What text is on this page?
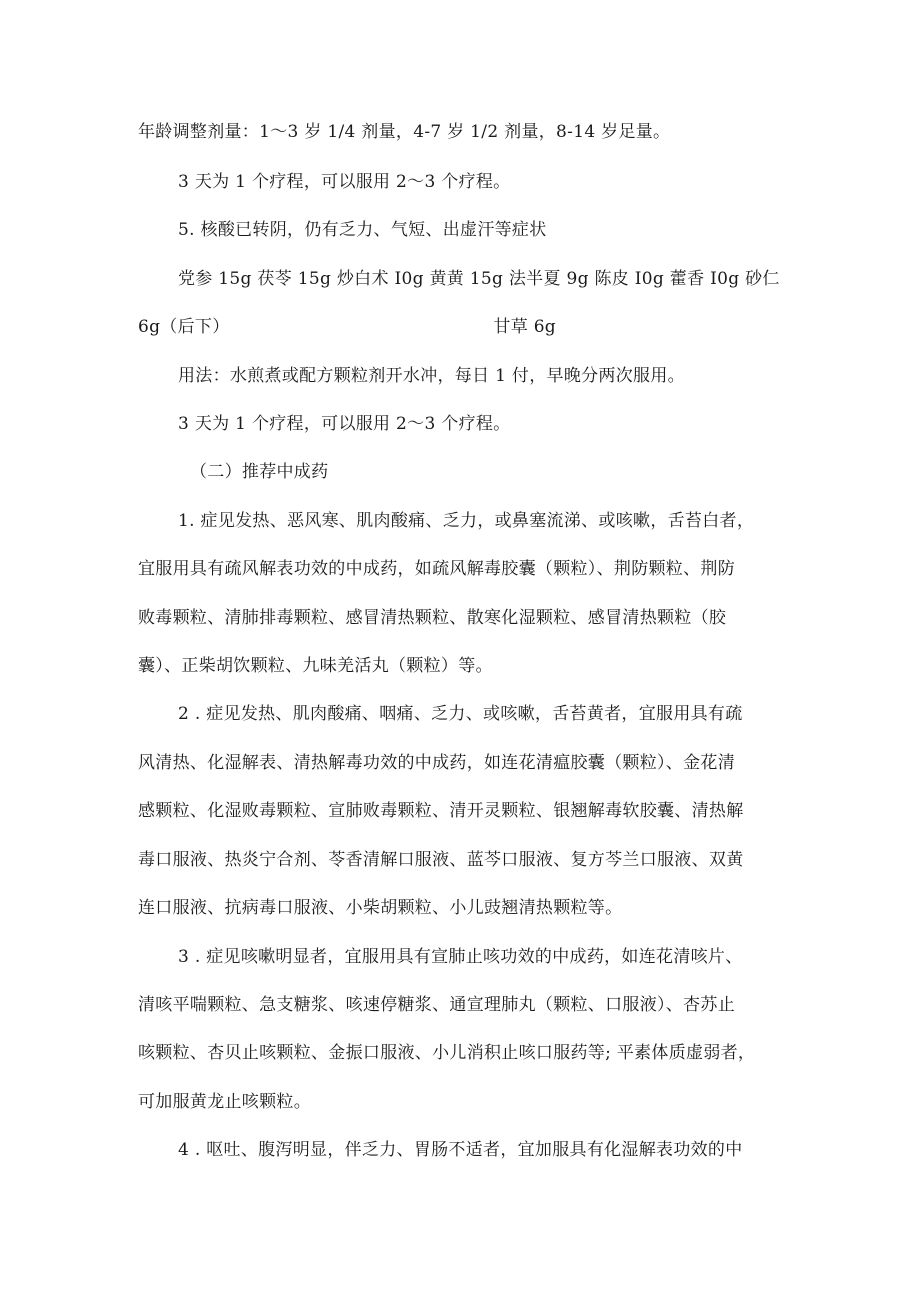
年龄调整剂量：1～3 岁 1/4 剂量，4-7 岁 1/2 剂量，8-14 岁足量。
3 天为 1 个疗程，可以服用 2～3 个疗程。
5. 核酸已转阴，仍有乏力、气短、出虚汗等症状
党参 15g 茯苓 15g 炒白术 I0g 黄黄 15g 法半夏 9g 陈皮 I0g 藿香 I0g 砂仁
6g（后下）	甘草 6g
用法：水煎煮或配方颗粒剂开水冲，每日 1 付，早晚分两次服用。
3 天为 1 个疗程，可以服用 2～3 个疗程。
（二）推荐中成药
1. 症见发热、恶风寒、肌肉酸痛、乏力，或鼻塞流涕、或咳嗽，舌苔白者，
宜服用具有疏风解表功效的中成药，如疏风解毒胶囊（颗粒）、荆防颗粒、荆防
败毒颗粒、清肺排毒颗粒、感冒清热颗粒、散寒化湿颗粒、感冒清热颗粒（胶
囊）、正柴胡饮颗粒、九味羌活丸（颗粒）等。
2 . 症见发热、肌肉酸痛、咽痛、乏力、或咳嗽，舌苔黄者，宜服用具有疏
风清热、化湿解表、清热解毒功效的中成药，如连花清瘟胶囊（颗粒）、金花清
感颗粒、化湿败毒颗粒、宣肺败毒颗粒、清开灵颗粒、银翘解毒软胶囊、清热解
毒口服液、热炎宁合剂、苓香清解口服液、蓝芩口服液、复方芩兰口服液、双黄
连口服液、抗病毒口服液、小柴胡颗粒、小儿豉翘清热颗粒等。
3 . 症见咳嗽明显者，宜服用具有宣肺止咳功效的中成药，如连花清咳片、
清咳平喘颗粒、急支糖浆、咳速停糖浆、通宣理肺丸（颗粒、口服液）、杏苏止
咳颗粒、杏贝止咳颗粒、金振口服液、小儿消积止咳口服药等; 平素体质虚弱者，
可加服黄龙止咳颗粒。
4 . 呕吐、腹泻明显，伴乏力、胃肠不适者，宜加服具有化湿解表功效的中
